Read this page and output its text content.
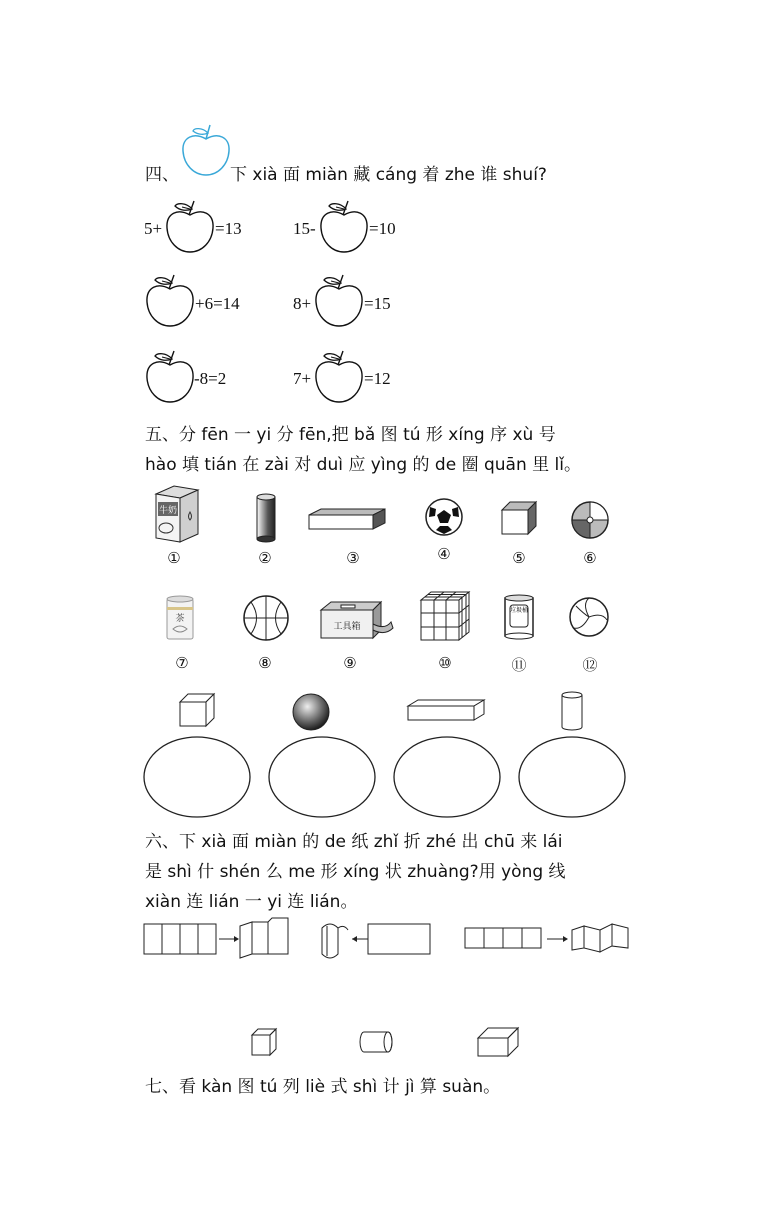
四、	下 xià 面 miàn 藏 cáng 着 zhe 谁 shuí?
5+	=13	15-	=10
+6=14	8+	=15
-8=2	7+	=12
五、分 fēn 一 yi 分 fēn,把 bǎ 图 tú 形 xíng 序 xù 号
hào 填 tián 在 zài 对 duì 应 yìng 的 de 圈 quān 里 lǐ。
牛奶
①	②	③	④	⑤	⑥
茶
工具箱
垃圾桶
⑦	⑧	⑨	⑩	⑪	⑫
六、下 xià 面 miàn 的 de 纸 zhǐ 折 zhé 出 chū 来 lái
是 shì 什 shén 么 me 形 xíng 状 zhuàng?用 yòng 线
xiàn 连 lián 一 yi 连 lián。
七、看 kàn 图 tú 列 liè 式 shì 计 jì 算 suàn。
